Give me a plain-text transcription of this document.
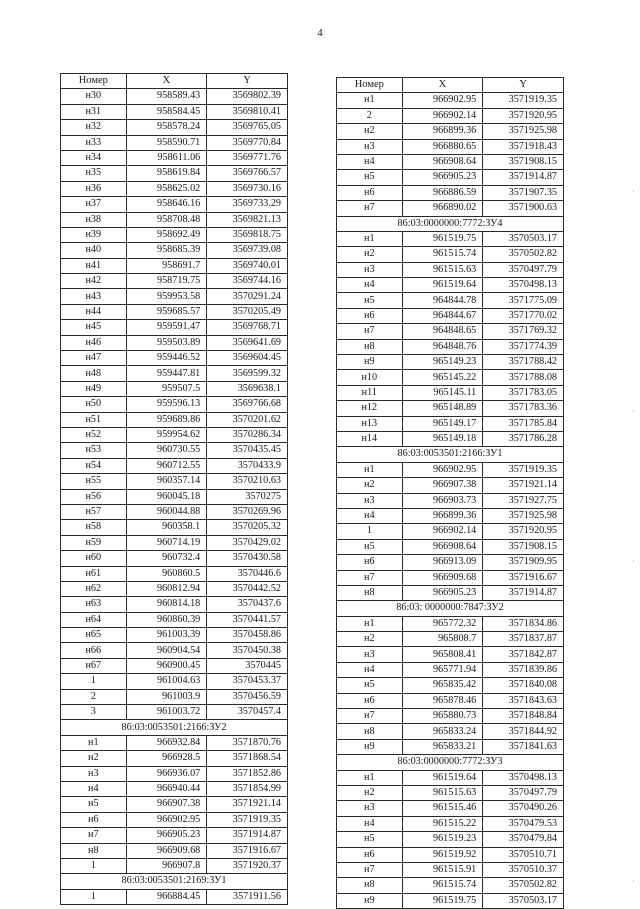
4
Номер	X	Y
н30	958589.43	3569802.39
н31	958584.45	3569810.41
н32	958578.24	3569765.05
н33	958590.71	3569770.84
н34	958611.06	3569771.76
н35	958619.84	3569766.57
н36	958625.02	3569730.16
н37	958646.16	3569733.29
н38	958708.48	3569821.13
н39	958692.49	3569818.75
н40	958685.39	3569739.08
н41	958691.7	3569740.01
н42	958719.75	3569744.16
н43	959953.58	3570291.24
н44	959685.57	3570205.49
н45	959591.47	3569768.71
н46	959503.89	3569641.69
н47	959446.52	3569604.45
н48	959447.81	3569599.32
н49	959507.5	3569638.1
н50	959596.13	3569766.68
н51	959689.86	3570201.62
н52	959954.62	3570286.34
н53	960730.55	3570435.45
н54	960712.55	3570433.9
н55	960357.14	3570210.63
н56	960045.18	3570275
н57	960044.88	3570269.96
н58	960358.1	3570205.32
н59	960714.19	3570429.02
н60	960732.4	3570430.58
н61	960860.5	3570446.6
н62	960812.94	3570442.52
н63	960814.18	3570437.6
н64	960860.39	3570441.57
н65	961003.39	3570458.86
н66	960904.54	3570450.38
н67	960900.45	3570445
1	961004.63	3570453.37
2	961003.9	3570456.59
3	961003.72	3570457.4
86:03:0053501:2166:ЗУ2		
н1	966932.84	3571870.76
н2	966928.5	3571868.54
н3	966936.07	3571852.86
н4	966940.44	3571854.99
н5	966907.38	3571921.14
н6	966902.95	3571919.35
н7	966905.23	3571914.87
н8	966909.68	3571916.67
1	966907.8	3571920.37
86:03:0053501:2169:ЗУ1		
1	966884.45	3571911.56
Номер	X	Y
н1	966902.95	3571919.35
2	966902.14	3571920.95
н2	966899.36	3571925.98
н3	966880.65	3571918.43
н4	966908.64	3571908.15
н5	966905.23	3571914.87
н6	966886.59	3571907.35
н7	966890.02	3571900.63
86:03:0000000:7772:ЗУ4		
н1	961519.75	3570503.17
н2	961515.74	3570502.82
н3	961515.63	3570497.79
н4	961519.64	3570498.13
н5	964844.78	3571775.09
н6	964844.67	3571770.02
н7	964848.65	3571769.32
н8	964848.76	3571774.39
н9	965149.23	3571788.42
н10	965145.22	3571788.08
н11	965145.11	3571783.05
н12	965148.89	3571783.36
н13	965149.17	3571785.84
н14	965149.18	3571786.28
86:03:0053501:2166:ЗУ1		
н1	966902.95	3571919.35
н2	966907.38	3571921.14
н3	966903.73	3571927.75
н4	966899.36	3571925.98
1	966902.14	3571920.95
н5	966908.64	3571908.15
н6	966913.09	3571909.95
н7	966909.68	3571916.67
н8	966905.23	3571914.87
86:03: 0000000:7847:ЗУ2		
н1	965772.32	3571834.86
н2	965808.7	3571837.87
н3	965808.41	3571842.87
н4	965771.94	3571839.86
н5	965835.42	3571840.08
н6	965878.46	3571843.63
н7	965880.73	3571848.84
н8	965833.24	3571844.92
н9	965833.21	3571841.63
86:03:0000000:7772:ЗУ3		
н1	961519.64	3570498.13
н2	961515.63	3570497.79
н3	961515.46	3570490.26
н4	961515.22	3570479.53
н5	961519.23	3570479.84
н6	961519.92	3570510.71
н7	961515.91	3570510.37
н8	961515.74	3570502.82
н9	961519.75	3570503.17
